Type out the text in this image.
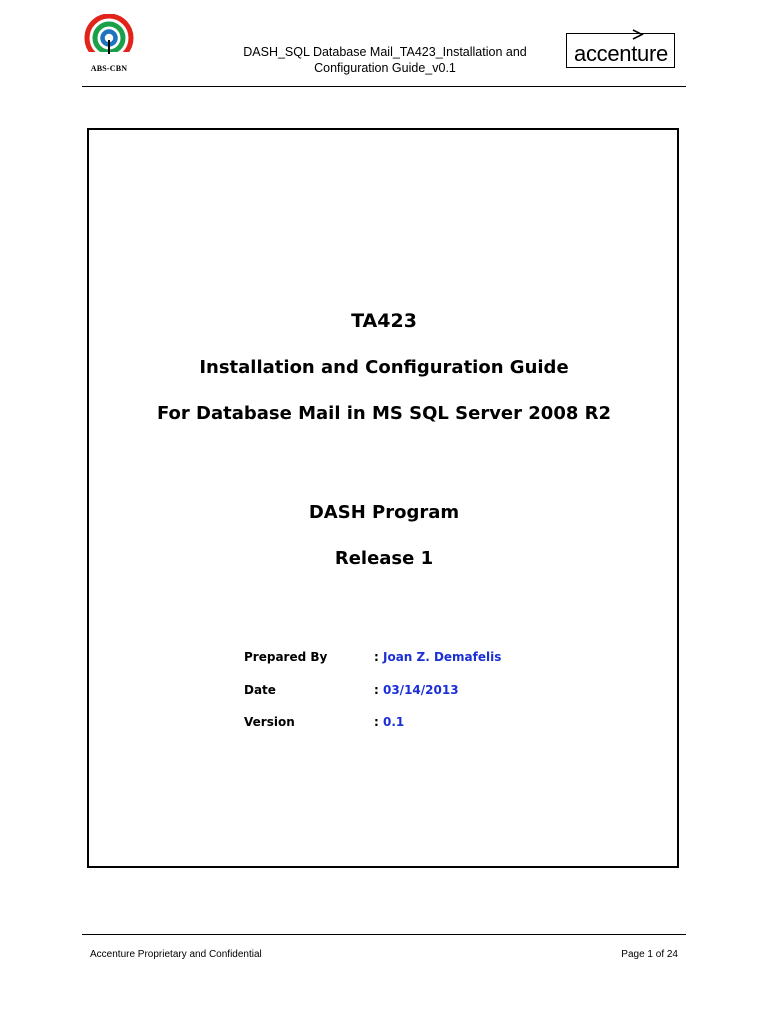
ABS-CBN
DASH_SQL Database Mail_TA423_Installation and
Configuration Guide_v0.1
accenture
TA423
Installation and Configuration Guide
For Database Mail in MS SQL Server 2008 R2
DASH Program
Release 1
Prepared By	: Joan Z. Demafelis
Date	: 03/14/2013
Version	: 0.1
Accenture Proprietary and Confidential	Page 1 of 24
